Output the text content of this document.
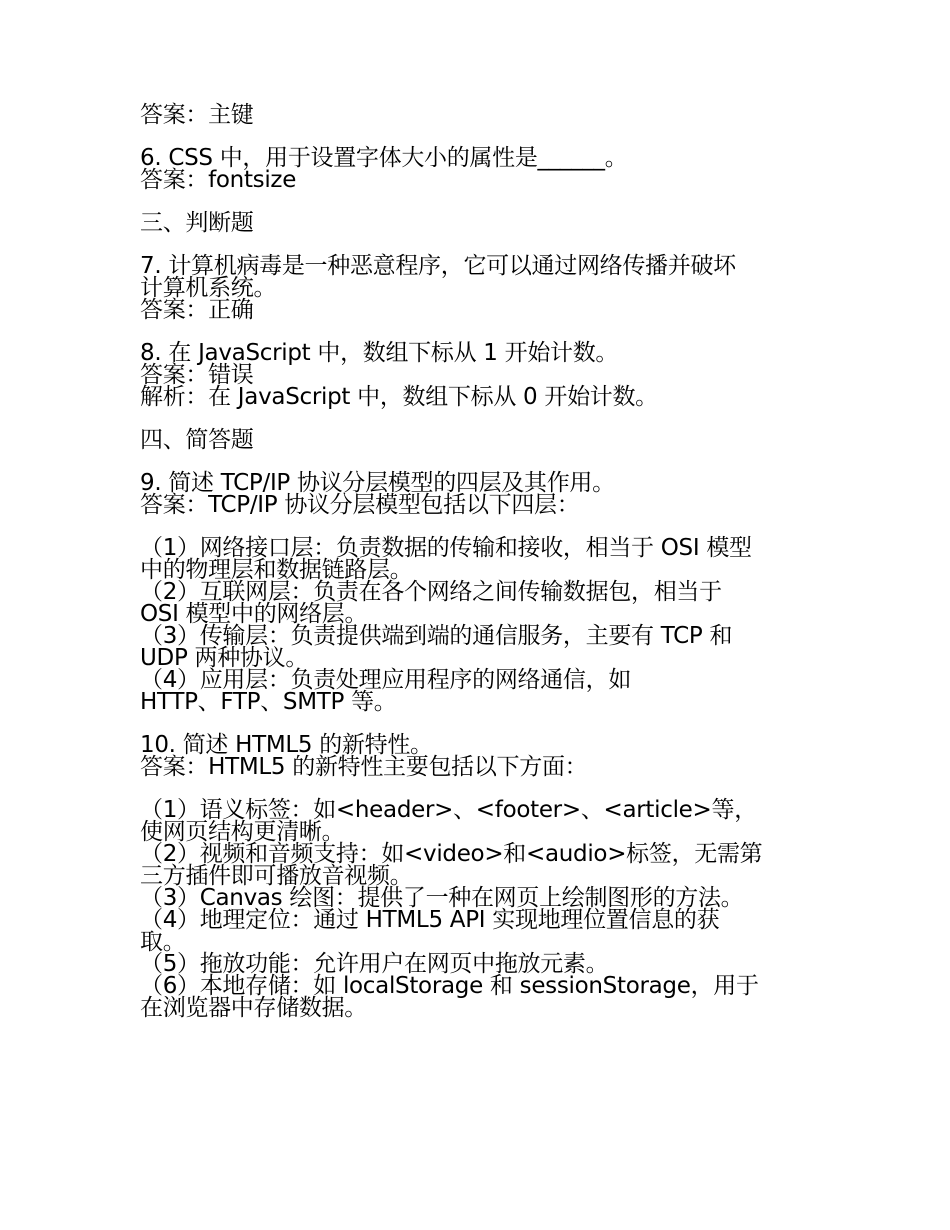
答案：主键
6. CSS 中，用于设置字体大小的属性是______。
答案：fontsize
三、判断题
7. 计算机病毒是一种恶意程序，它可以通过网络传播并破坏
计算机系统。
答案：正确
8. 在 JavaScript 中，数组下标从 1 开始计数。
答案：错误
解析：在 JavaScript 中，数组下标从 0 开始计数。
四、简答题
9. 简述 TCP/IP 协议分层模型的四层及其作用。
答案：TCP/IP 协议分层模型包括以下四层：
（1）网络接口层：负责数据的传输和接收，相当于 OSI 模型
中的物理层和数据链路层。
（2）互联网层：负责在各个网络之间传输数据包，相当于
OSI 模型中的网络层。
（3）传输层：负责提供端到端的通信服务，主要有 TCP 和
UDP 两种协议。
（4）应用层：负责处理应用程序的网络通信，如
HTTP、FTP、SMTP 等。
10. 简述 HTML5 的新特性。
答案：HTML5 的新特性主要包括以下方面：
（1）语义标签：如<header>、<footer>、<article>等，
使网页结构更清晰。
（2）视频和音频支持：如<video>和<audio>标签，无需第
三方插件即可播放音视频。
（3）Canvas 绘图：提供了一种在网页上绘制图形的方法。
（4）地理定位：通过 HTML5 API 实现地理位置信息的获
取。
（5）拖放功能：允许用户在网页中拖放元素。
（6）本地存储：如 localStorage 和 sessionStorage，用于
在浏览器中存储数据。
